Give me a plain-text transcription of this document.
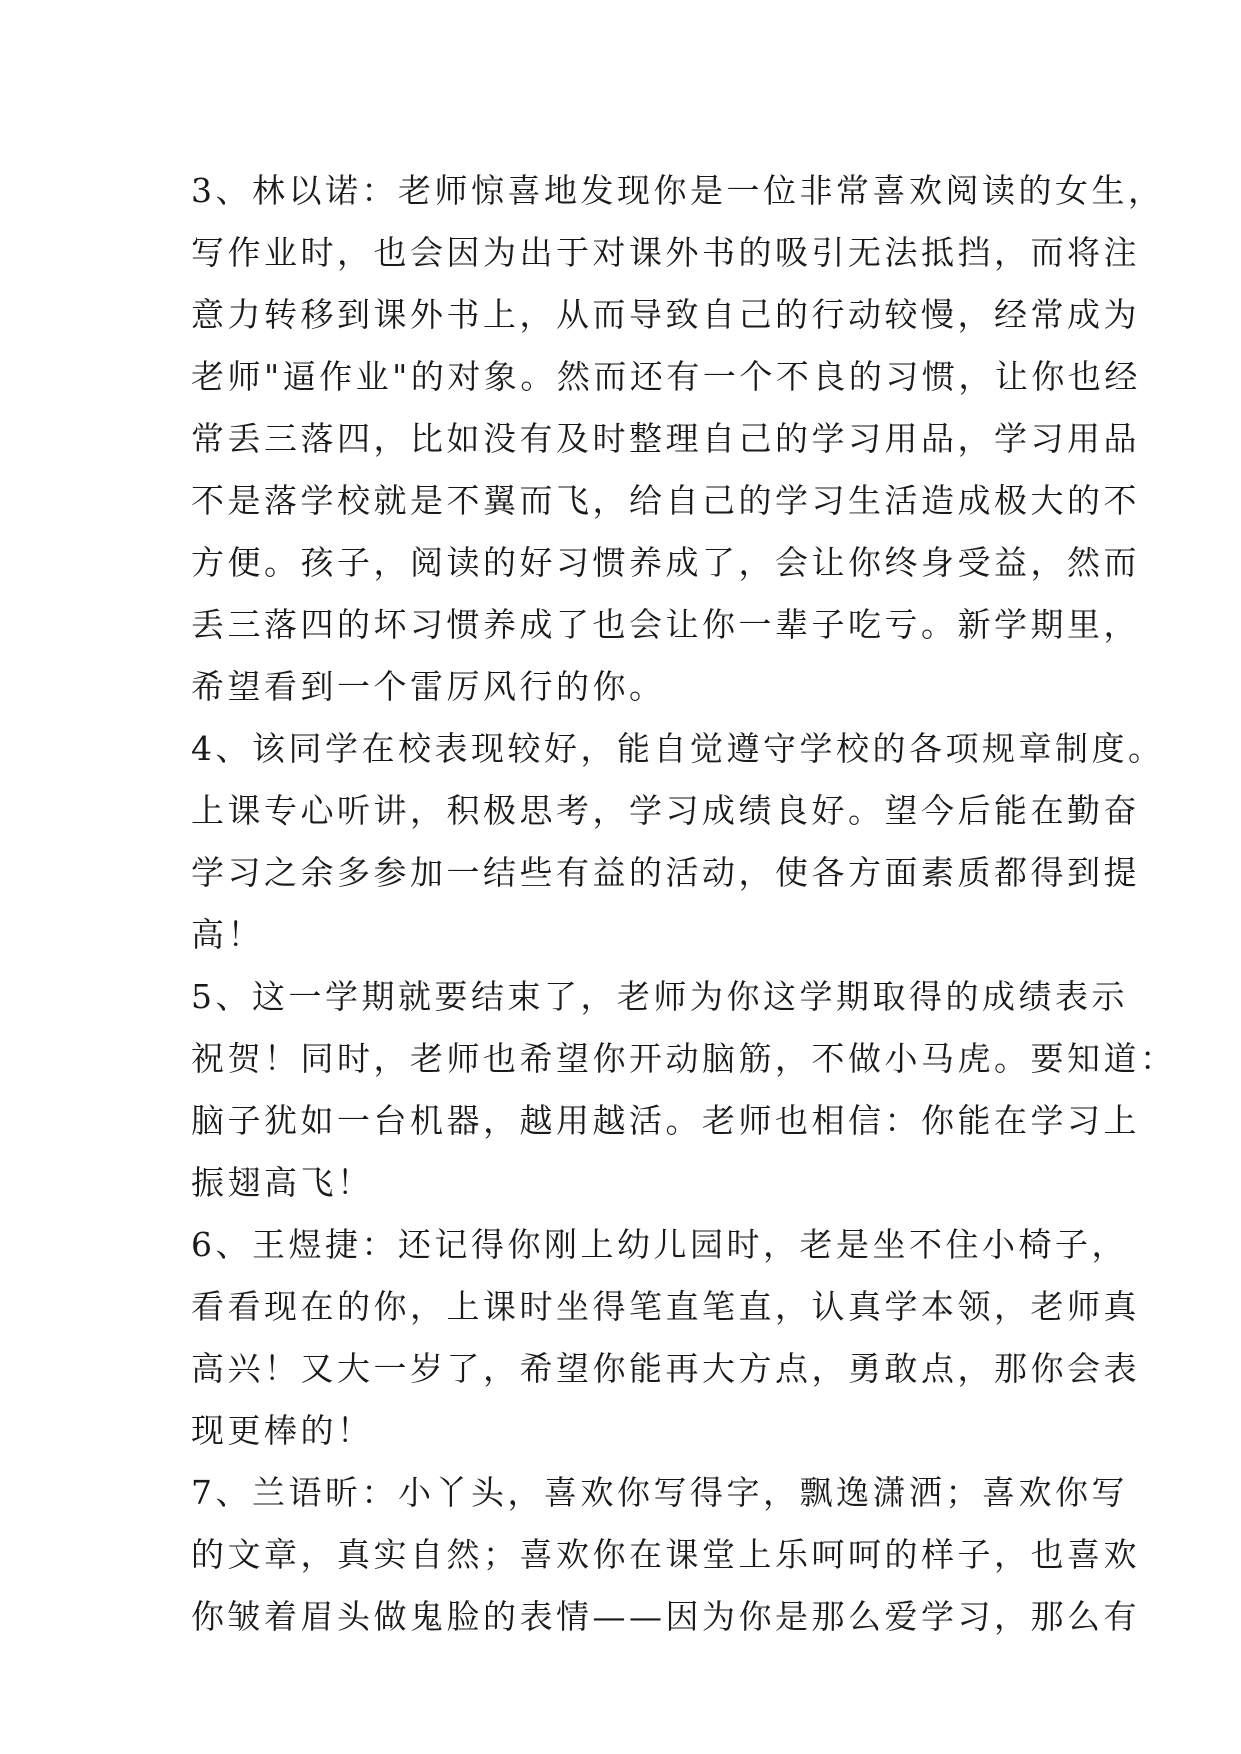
3、林以诺：老师惊喜地发现你是一位非常喜欢阅读的女生，
写作业时，也会因为出于对课外书的吸引无法抵挡，而将注
意力转移到课外书上，从而导致自己的行动较慢，经常成为
老师"逼作业"的对象。然而还有一个不良的习惯，让你也经
常丢三落四，比如没有及时整理自己的学习用品，学习用品
不是落学校就是不翼而飞，给自己的学习生活造成极大的不
方便。孩子，阅读的好习惯养成了，会让你终身受益，然而
丢三落四的坏习惯养成了也会让你一辈子吃亏。新学期里，
希望看到一个雷厉风行的你。
4、该同学在校表现较好，能自觉遵守学校的各项规章制度。
上课专心听讲，积极思考，学习成绩良好。望今后能在勤奋
学习之余多参加一结些有益的活动，使各方面素质都得到提
高！
5、这一学期就要结束了，老师为你这学期取得的成绩表示
祝贺！同时，老师也希望你开动脑筋，不做小马虎。要知道：
脑子犹如一台机器，越用越活。老师也相信：你能在学习上
振翅高飞！
6、王煜捷：还记得你刚上幼儿园时，老是坐不住小椅子，
看看现在的你，上课时坐得笔直笔直，认真学本领，老师真
高兴！又大一岁了，希望你能再大方点，勇敢点，那你会表
现更棒的！
7、兰语昕：小丫头，喜欢你写得字，飘逸潇洒；喜欢你写
的文章，真实自然；喜欢你在课堂上乐呵呵的样子，也喜欢
你皱着眉头做鬼脸的表情——因为你是那么爱学习，那么有
